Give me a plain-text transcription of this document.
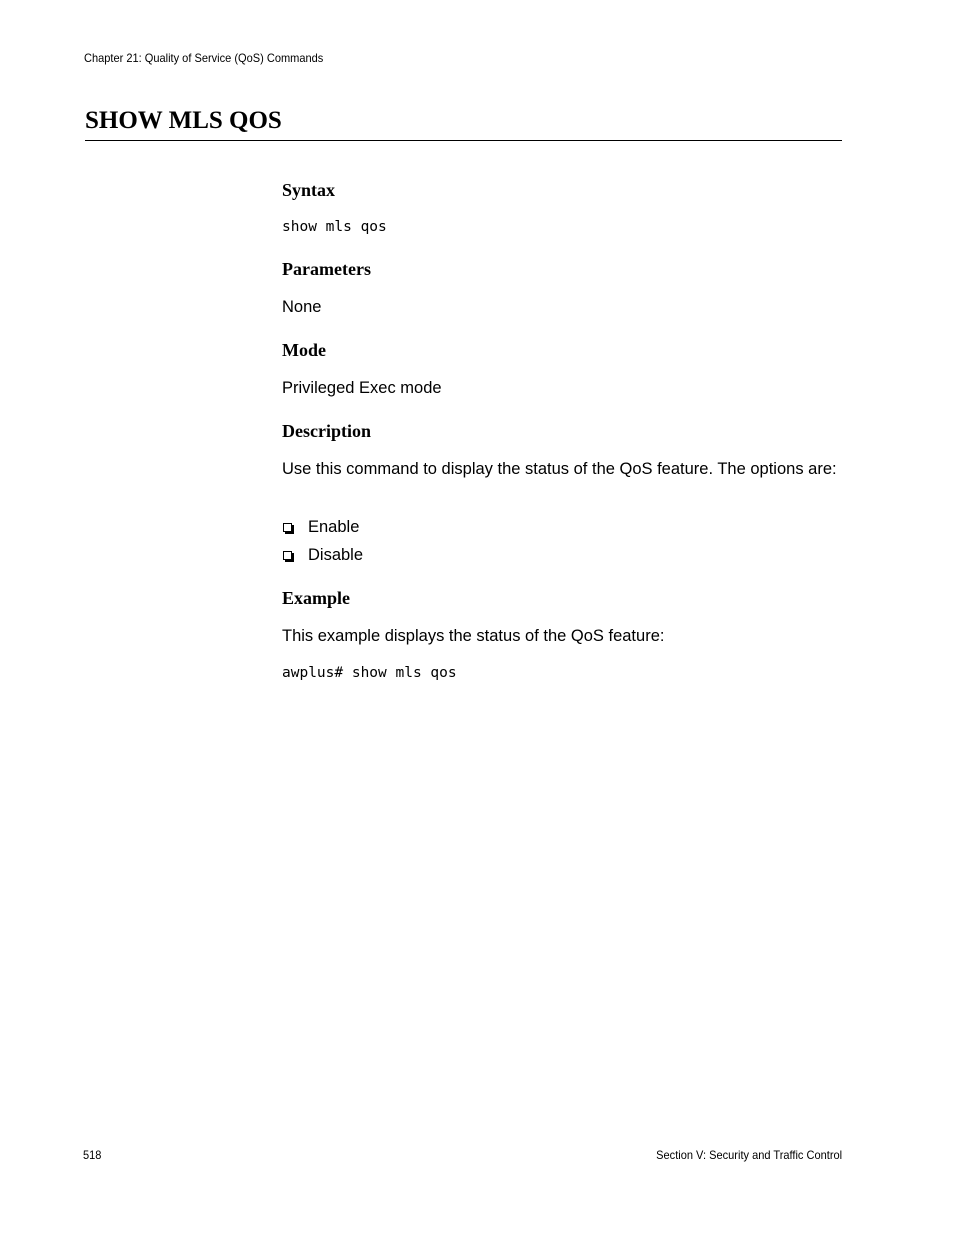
Chapter 21: Quality of Service (QoS) Commands
SHOW MLS QOS
Syntax
show mls qos
Parameters

None

Mode

Privileged Exec mode

Description

Use this command to display the status of the QoS feature. The options are:

Enable
Disable
Example

This example displays the status of the QoS feature:

awplus# show mls qos
518	Section V: Security and Traffic Control
